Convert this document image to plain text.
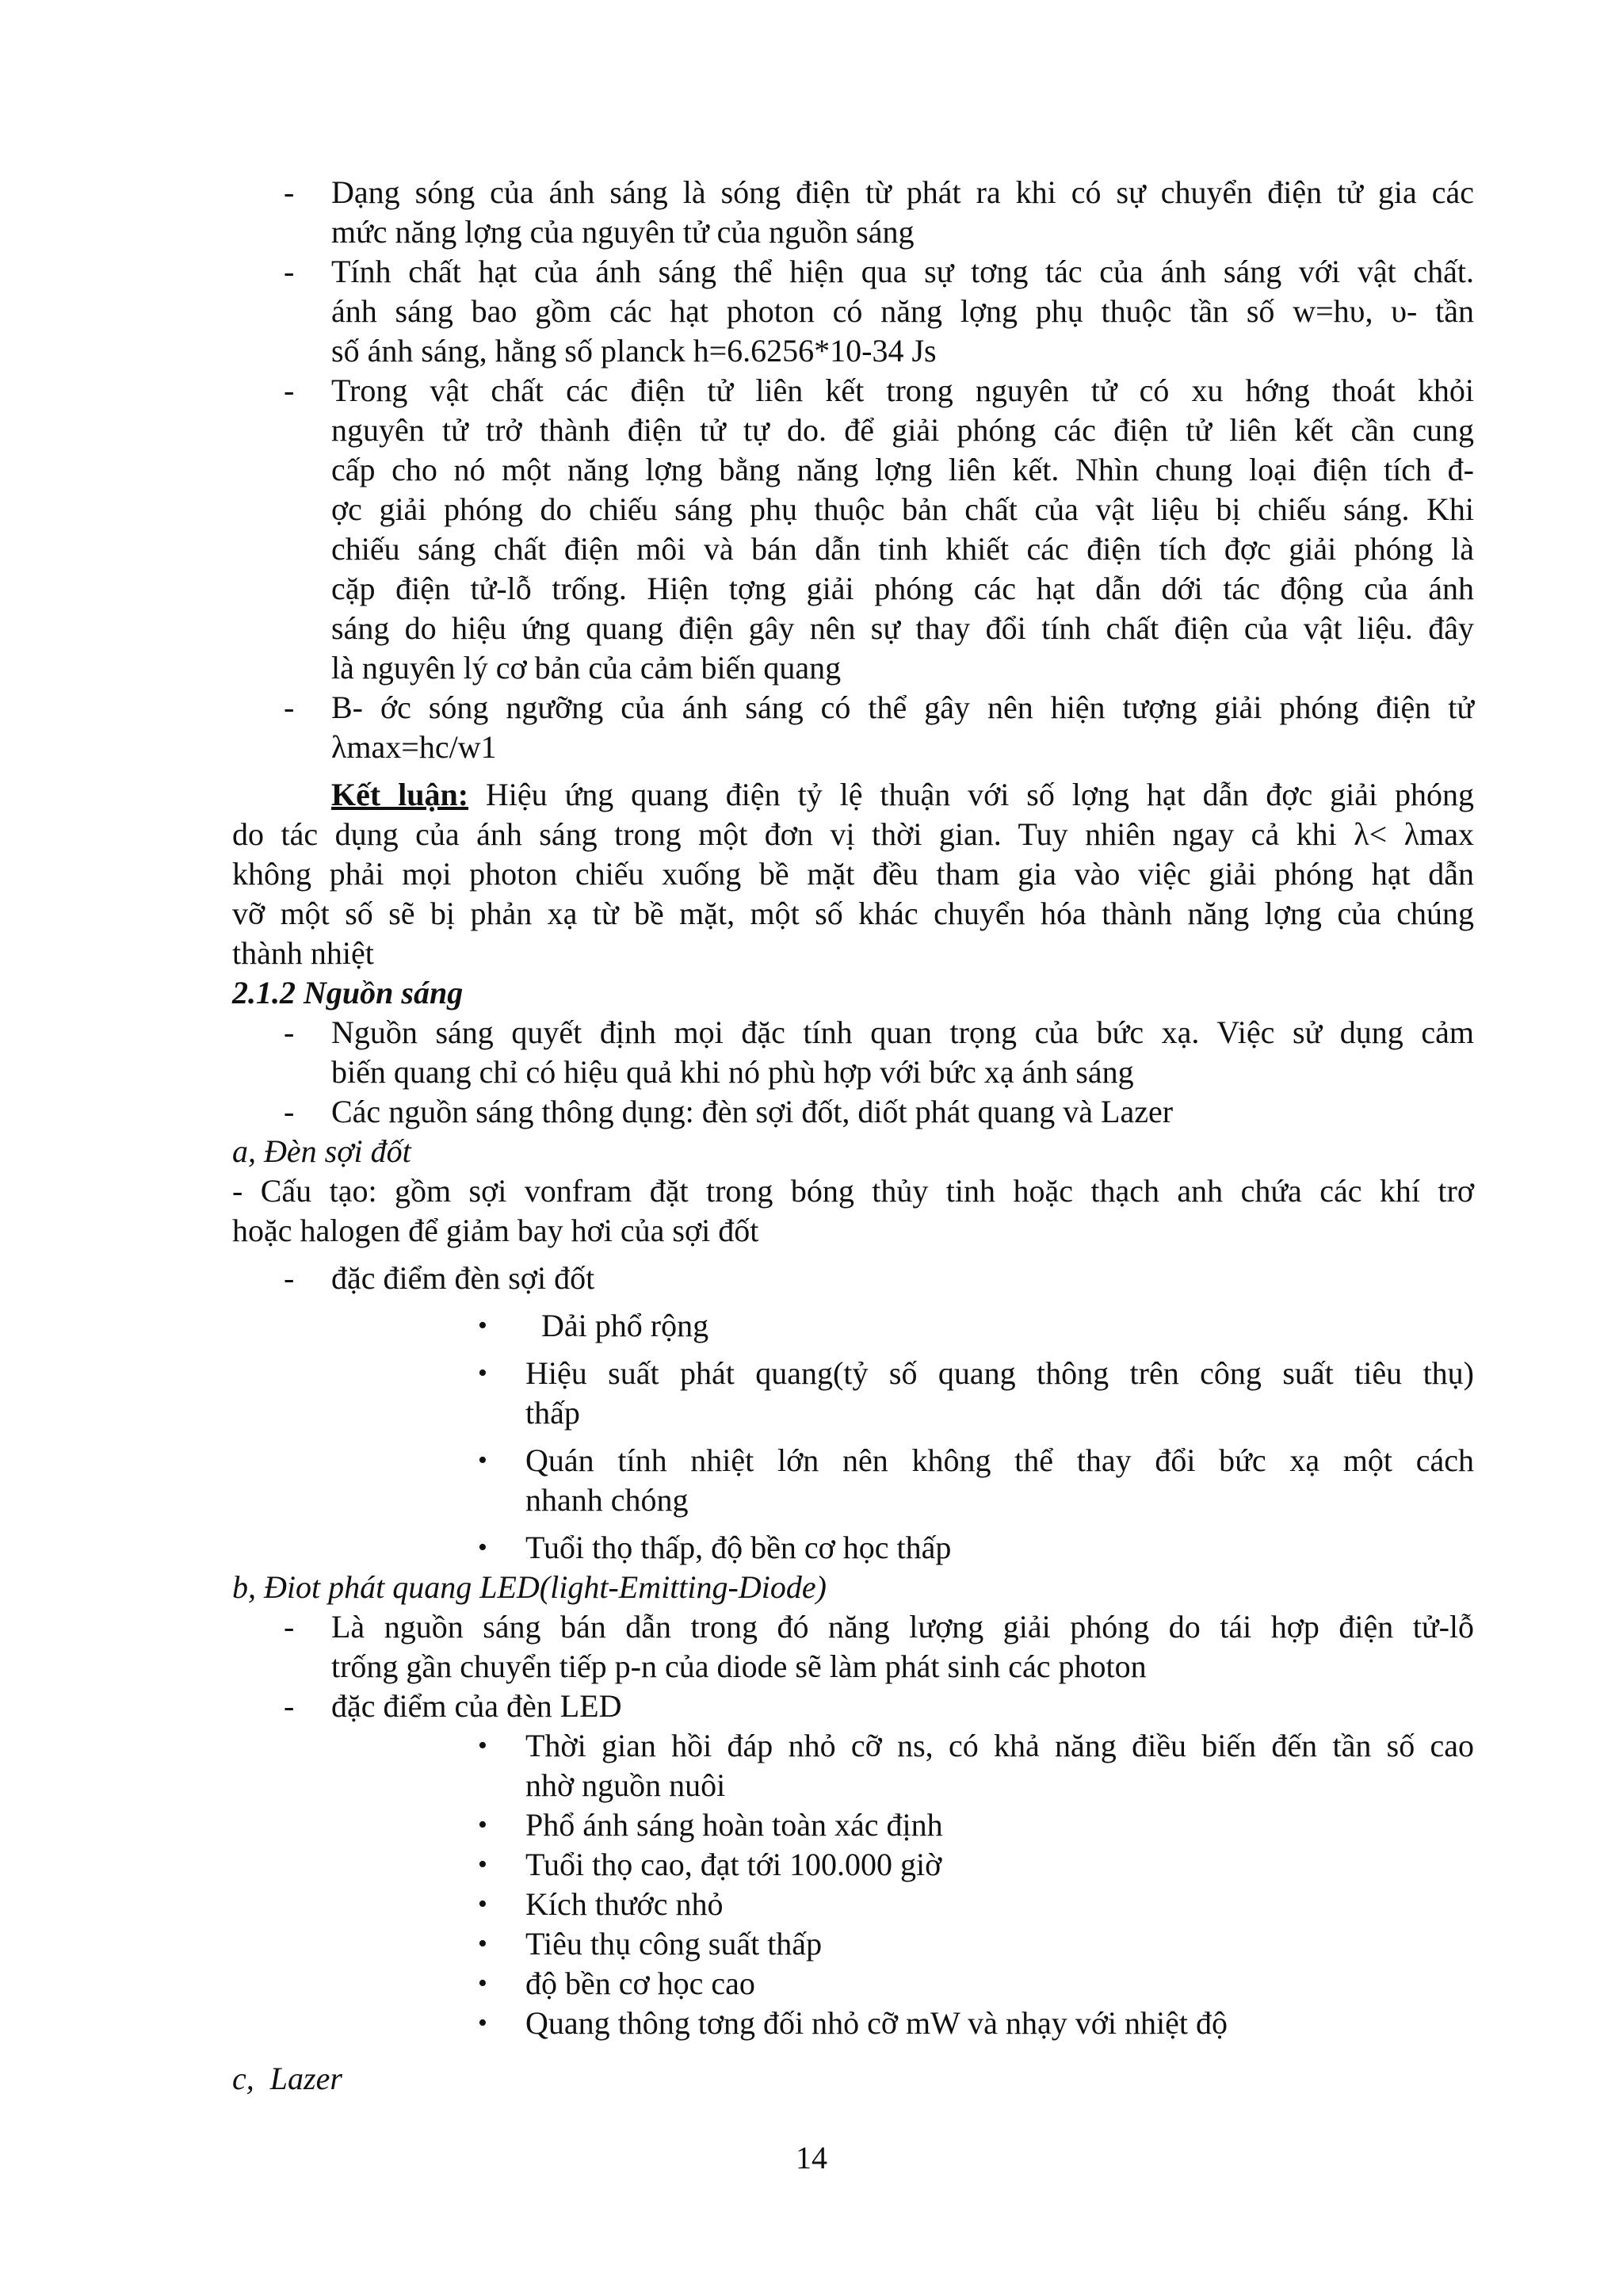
- Dạng sóng của ánh sáng là sóng điện từ phát ra khi có sự chuyển điện tử gia các
mức năng lợng của nguyên tử của nguồn sáng
- Tính chất hạt của ánh sáng thể hiện qua sự tơng tác của ánh sáng với vật chất.
ánh sáng bao gồm các hạt photon có năng lợng phụ thuộc tần số w=hυ, υ- tần
số ánh sáng, hằng số planck h=6.6256*10-34 Js
- Trong vật chất các điện tử liên kết trong nguyên tử có xu hớng thoát khỏi
nguyên tử trở thành điện tử tự do. để giải phóng các điện tử liên kết cần cung
cấp cho nó một năng lợng bằng năng lợng liên kết. Nhìn chung loại điện tích đ-
ợc giải phóng do chiếu sáng phụ thuộc bản chất của vật liệu bị chiếu sáng. Khi
chiếu sáng chất điện môi và bán dẫn tinh khiết các điện tích đợc giải phóng là
cặp điện tử-lỗ trống. Hiện tợng giải phóng các hạt dẫn dới tác động của ánh
sáng do hiệu ứng quang điện gây nên sự thay đổi tính chất điện của vật liệu. đây
là nguyên lý cơ bản của cảm biến quang
- B- ớc sóng ngưỡng của ánh sáng có thể gây nên hiện tượng giải phóng điện tử
λmax=hc/w1
Kết luận: Hiệu ứng quang điện tỷ lệ thuận với số lợng hạt dẫn đợc giải phóng
do tác dụng của ánh sáng trong một đơn vị thời gian. Tuy nhiên ngay cả khi λ< λmax
không phải mọi photon chiếu xuống bề mặt đều tham gia vào việc giải phóng hạt dẫn
vỡ một số sẽ bị phản xạ từ bề mặt, một số khác chuyển hóa thành năng lợng của chúng
thành nhiệt
2.1.2 Nguồn sáng
- Nguồn sáng quyết định mọi đặc tính quan trọng của bức xạ. Việc sử dụng cảm
biến quang chỉ có hiệu quả khi nó phù hợp với bức xạ ánh sáng
- Các nguồn sáng thông dụng: đèn sợi đốt, diốt phát quang và Lazer
a, Đèn sợi đốt
- Cấu tạo: gồm sợi vonfram đặt trong bóng thủy tinh hoặc thạch anh chứa các khí trơ
hoặc halogen để giảm bay hơi của sợi đốt
- đặc điểm đèn sợi đốt
• Dải phổ rộng
• Hiệu suất phát quang(tỷ số quang thông trên công suất tiêu thụ)
thấp
• Quán tính nhiệt lớn nên không thể thay đổi bức xạ một cách
nhanh chóng
• Tuổi thọ thấp, độ bền cơ học thấp
b, Điot phát quang LED(light-Emitting-Diode)
- Là nguồn sáng bán dẫn trong đó năng lượng giải phóng do tái hợp điện tử-lỗ
trống gần chuyển tiếp p-n của diode sẽ làm phát sinh các photon
- đặc điểm của đèn LED
• Thời gian hồi đáp nhỏ cỡ ns, có khả năng điều biến đến tần số cao
nhờ nguồn nuôi
• Phổ ánh sáng hoàn toàn xác định
• Tuổi thọ cao, đạt tới 100.000 giờ
• Kích thước nhỏ
• Tiêu thụ công suất thấp
• độ bền cơ học cao
• Quang thông tơng đối nhỏ cỡ mW và nhạy với nhiệt độ
c,  Lazer
14
